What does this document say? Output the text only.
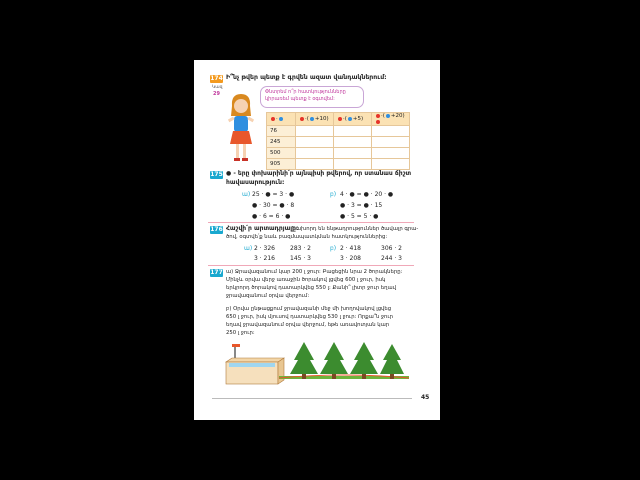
174 Ի՞նչ թվեր պետք է գրվեն ազատ վանդակներում:
Կազ
29	Փնտրեմ ո՞ր հատկությունները կիրառեմ պետք է օգտվեմ:
·	·( +10)	·( +5)	·( +20)
76			
245			
500			
905			
175 ● - երը փոխարինի՛ր այնպիսի թվերով, որ ստանաս ճիշտ
հավասարություն:
ա) 25 · ● = 3 · ●
● · 30 = ● · 8
● · 6 = 6 · ●
բ) 4 · ● = ● · 20 · ●
● · 3 = ● · 15
● · 5 = 5 · ●
176 Հաշվի՛ր արտադրյալը:
Նախորդ են ենթադրություններ ծավալր գրա-
ծով, օգտվե՛ք նաև բազմապատկման հատկություններից:
ա) 2 · 326	283 · 2
3 · 216	145 · 3
բ) 2 · 418	306 · 2
3 · 208	244 · 3
177 ա) Ջրավազանում կար 200 լ ջուր: Բացեցին նրա 2 ծորակները:
Մինչև օրվա վերջ առաջին ծորակով լցվեց 600 լ ջուր, իսկ
երկրորդ ծորակով դատարկվեց 550 լ: Քանի՞ լիտր ջուր եղավ
ջրավազանում օրվա վերջում:
բ) Օրվա ընթացքում ջրավազանի մեջ մի խողովակով լցվեց
650 լ ջուր, իսկ մյուսով դատարկվեց 530 լ ջուր: Որքա՞ն ջուր
եղավ ջրավազանում օրվա վերջում, եթե առավոտյան կար
250 լ ջուր:
45
